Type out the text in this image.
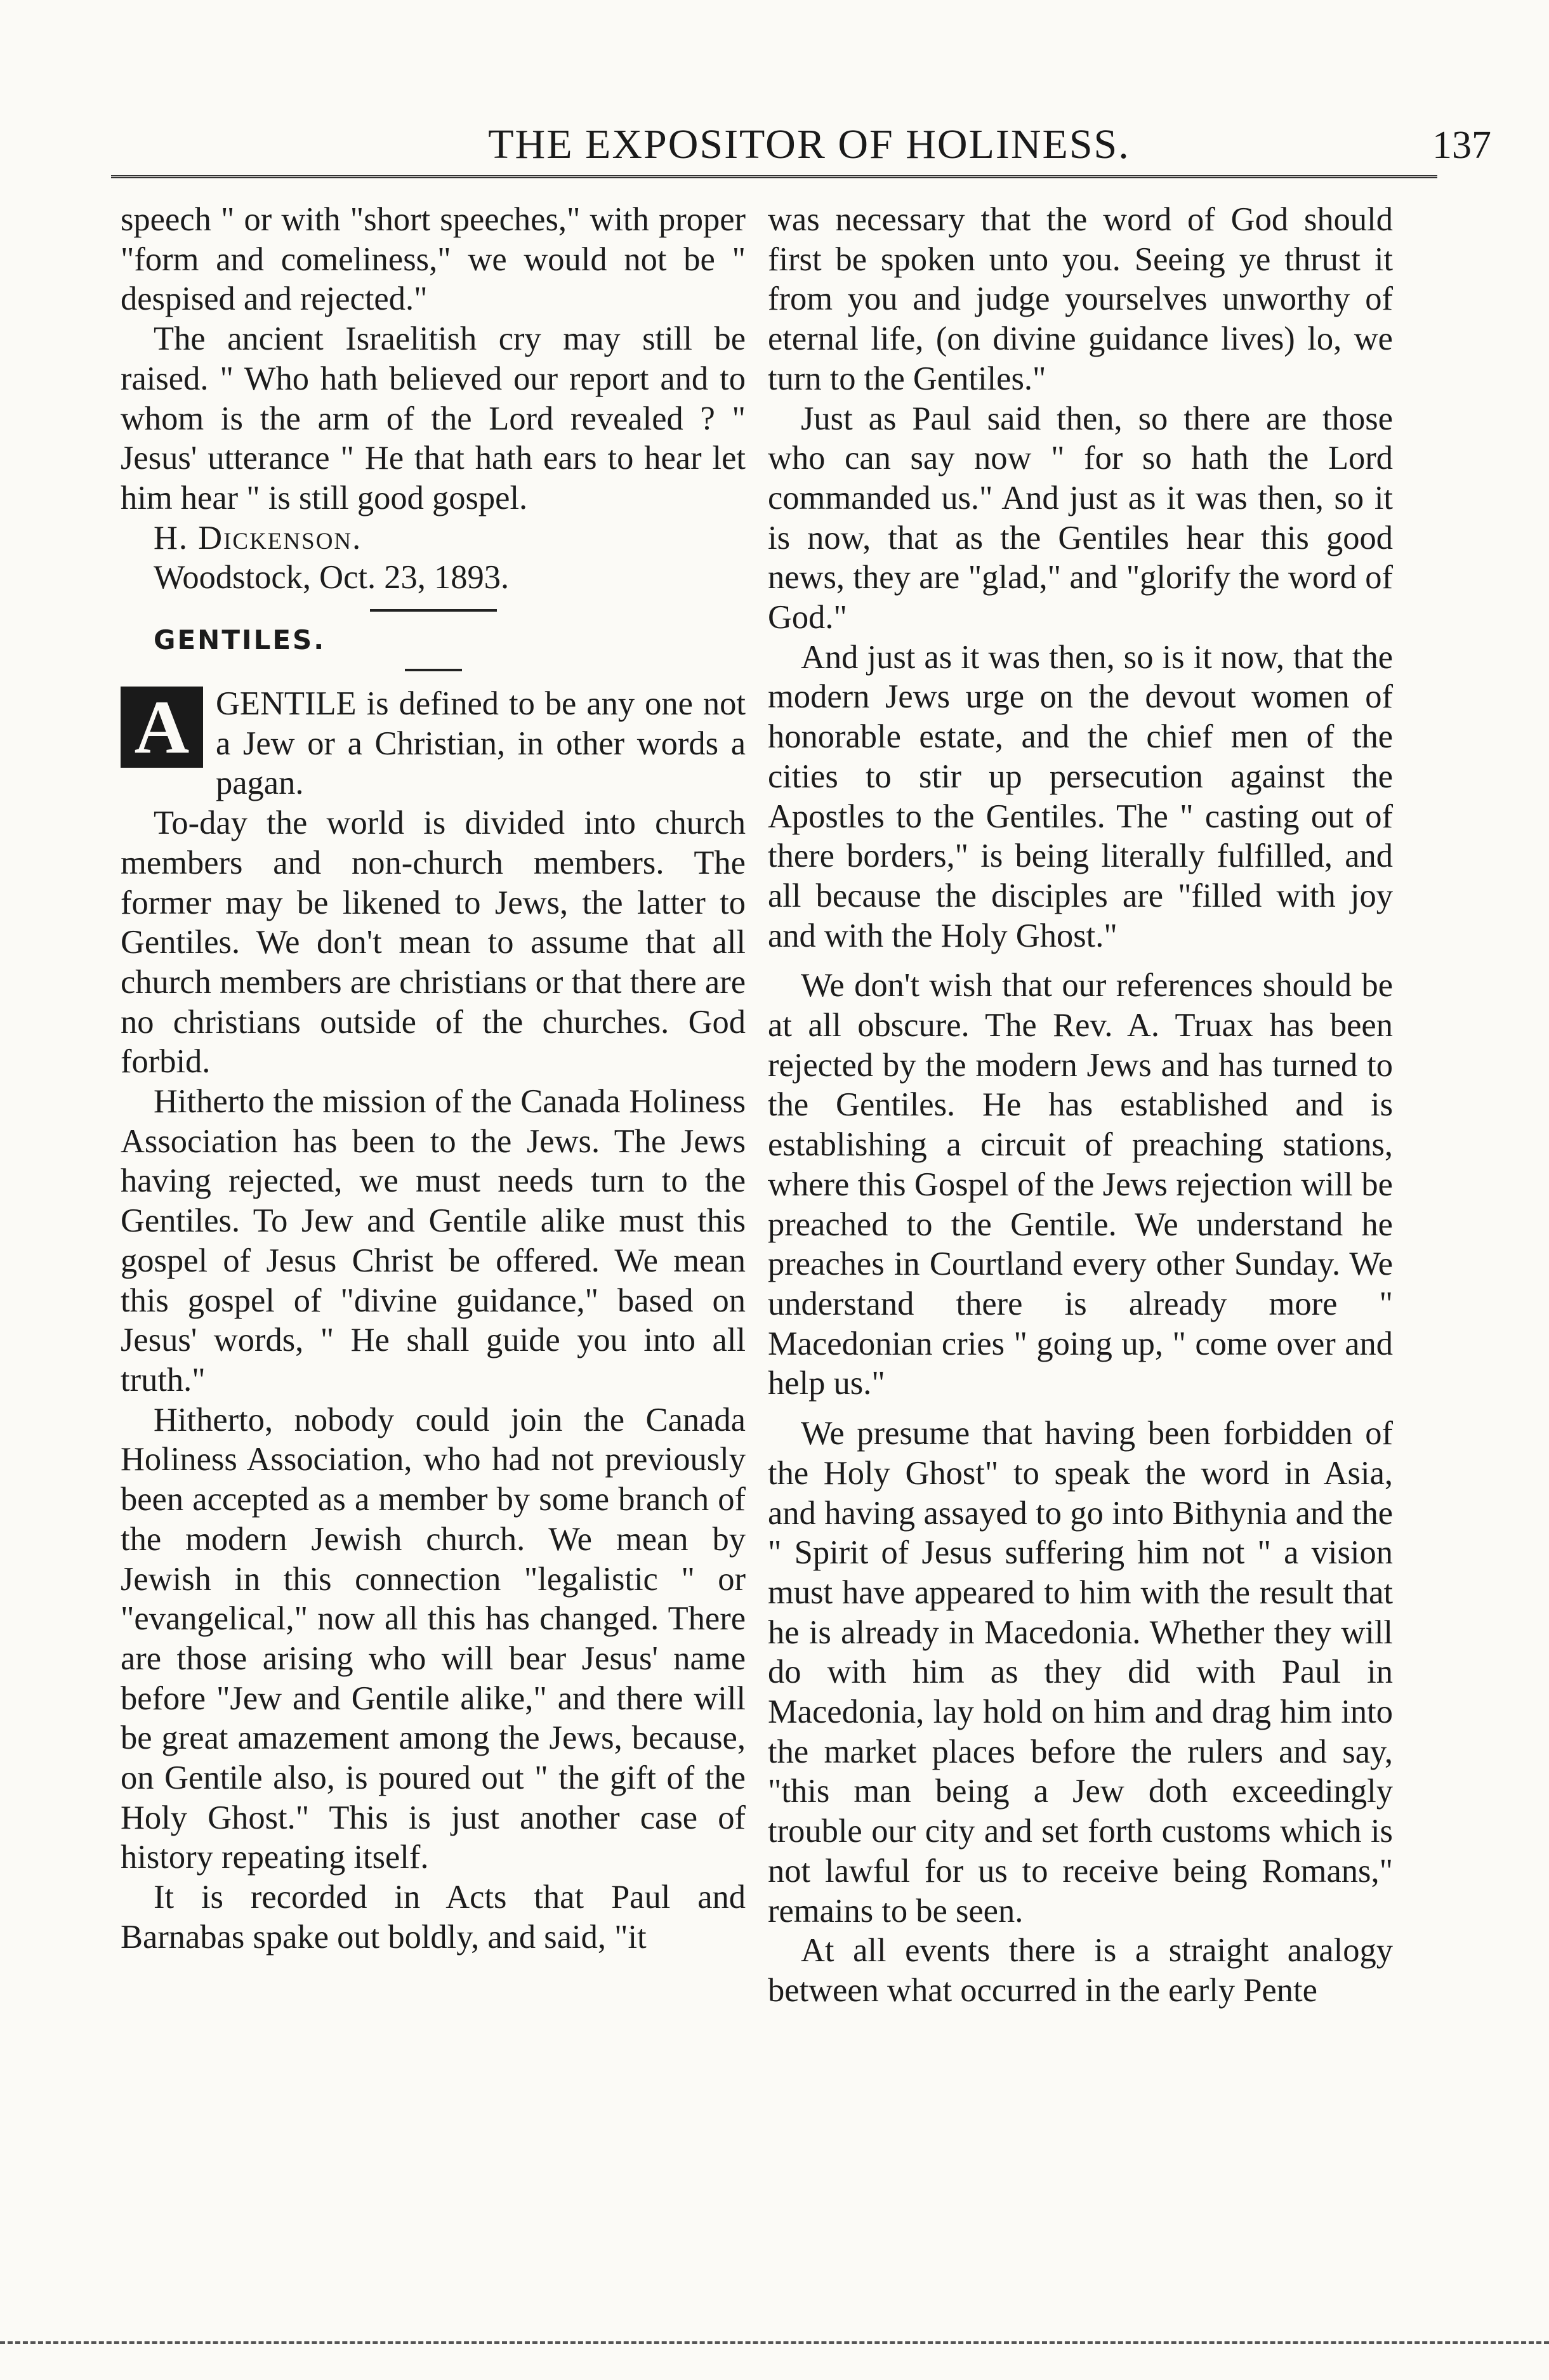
THE EXPOSITOR OF HOLINESS.	137

speech " or with "short speeches," with proper "form and comeliness," we would not be " despised and rejected."

The ancient Israelitish cry may still be raised. " Who hath believed our report and to whom is the arm of the Lord revealed ? " Jesus' utterance " He that hath ears to hear let him hear " is still good gospel.

H. Dickenson.

Woodstock, Oct. 23, 1893.

GENTILES.

A GENTILE is defined to be any one not a Jew or a Christian, in other words a pagan.

To-day the world is divided into church members and non-church members. The former may be likened to Jews, the latter to Gentiles. We don't mean to assume that all church members are christians or that there are no christians outside of the churches. God forbid.

Hitherto the mission of the Canada Holiness Association has been to the Jews. The Jews having rejected, we must needs turn to the Gentiles. To Jew and Gentile alike must this gospel of Jesus Christ be offered. We mean this gospel of "divine guidance," based on Jesus' words, " He shall guide you into all truth."

Hitherto, nobody could join the Canada Holiness Association, who had not previously been accepted as a member by some branch of the modern Jewish church. We mean by Jewish in this connection "legalistic " or "evangelical," now all this has changed. There are those arising who will bear Jesus' name before "Jew and Gentile alike," and there will be great amazement among the Jews, because, on Gentile also, is poured out " the gift of the Holy Ghost." This is just another case of history repeating itself.

It is recorded in Acts that Paul and Barnabas spake out boldly, and said, "it

was necessary that the word of God should first be spoken unto you. Seeing ye thrust it from you and judge yourselves unworthy of eternal life, (on divine guidance lives) lo, we turn to the Gentiles."

Just as Paul said then, so there are those who can say now " for so hath the Lord commanded us." And just as it was then, so it is now, that as the Gentiles hear this good news, they are "glad," and "glorify the word of God."

And just as it was then, so is it now, that the modern Jews urge on the devout women of honorable estate, and the chief men of the cities to stir up persecution against the Apostles to the Gentiles. The " casting out of there borders," is being literally fulfilled, and all because the disciples are "filled with joy and with the Holy Ghost."

We don't wish that our references should be at all obscure. The Rev. A. Truax has been rejected by the modern Jews and has turned to the Gentiles. He has established and is establishing a circuit of preaching stations, where this Gospel of the Jews rejection will be preached to the Gentile. We understand he preaches in Courtland every other Sunday. We understand there is already more " Macedonian cries " going up, " come over and help us."

We presume that having been forbidden of the Holy Ghost" to speak the word in Asia, and having assayed to go into Bithynia and the " Spirit of Jesus suffering him not " a vision must have appeared to him with the result that he is already in Macedonia. Whether they will do with him as they did with Paul in Macedonia, lay hold on him and drag him into the market places before the rulers and say, "this man being a Jew doth exceedingly trouble our city and set forth customs which is not lawful for us to receive being Romans," remains to be seen.

At all events there is a straight analogy between what occurred in the early Pente
